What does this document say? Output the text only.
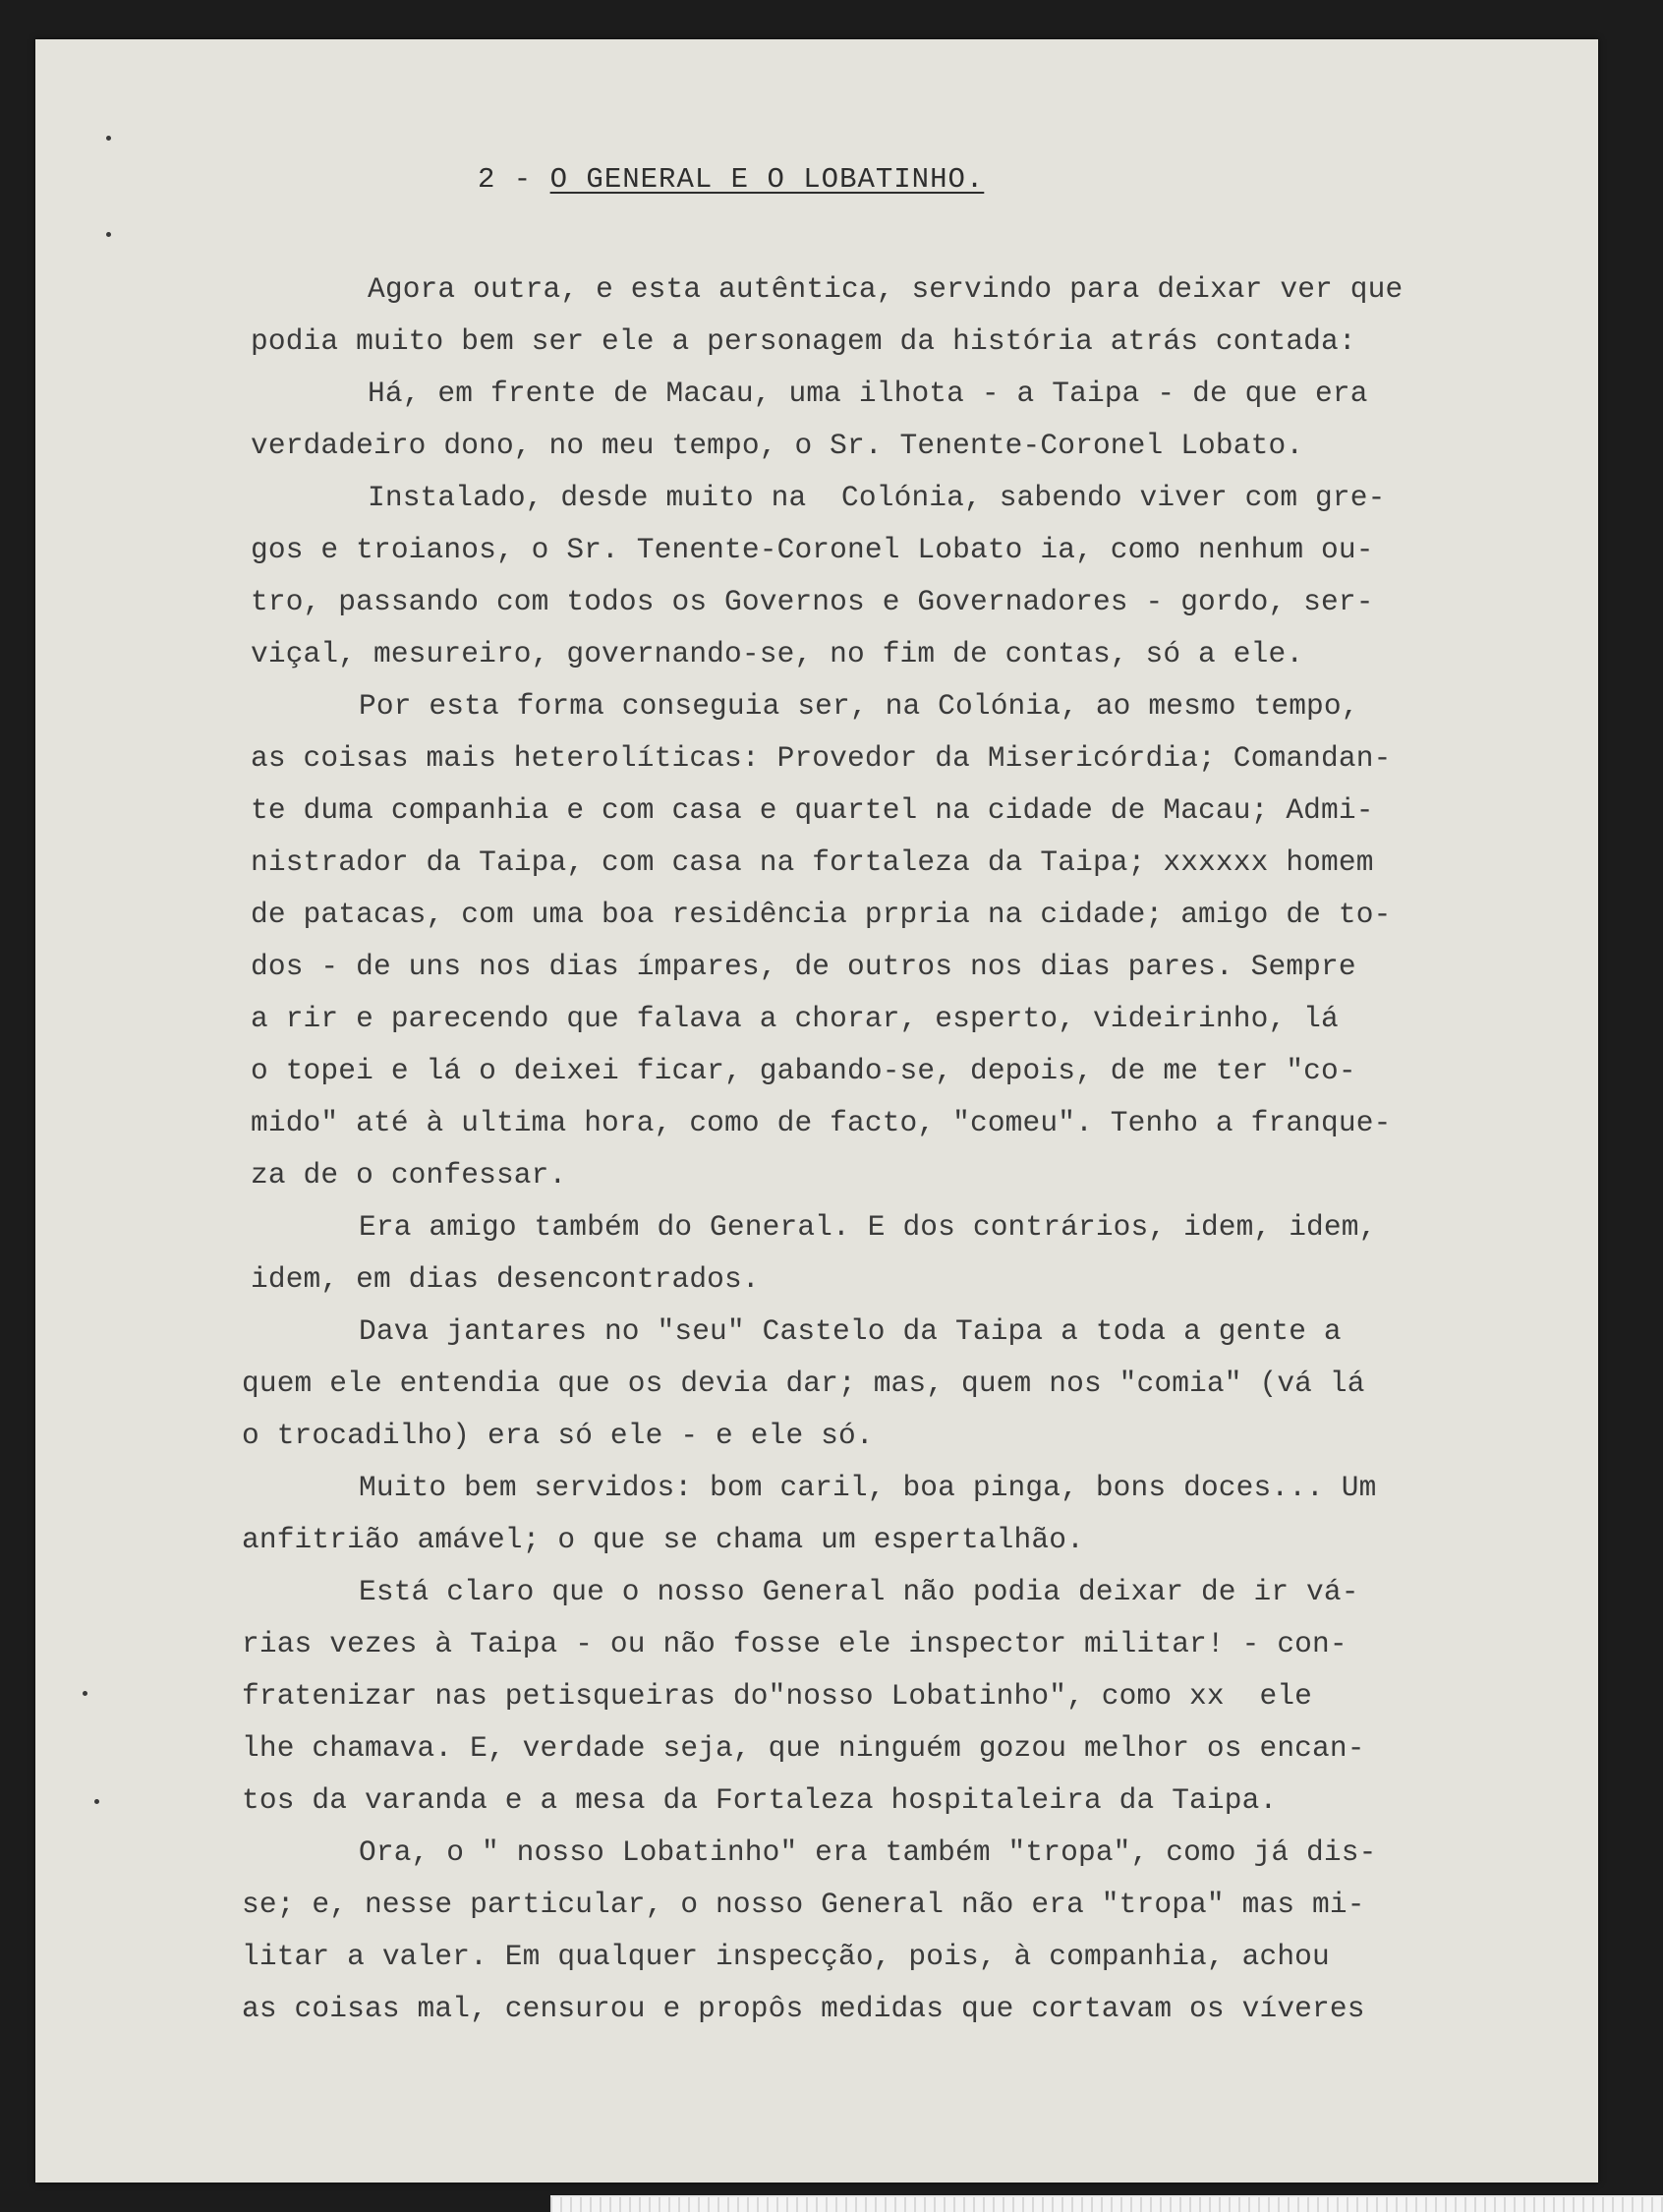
2 - O GENERAL E O LOBATINHO.
Agora outra, e esta autêntica, servindo para deixar ver que
podia muito bem ser ele a personagem da história atrás contada:
Há, em frente de Macau, uma ilhota - a Taipa - de que era
verdadeiro dono, no meu tempo, o Sr. Tenente-Coronel Lobato.
Instalado, desde muito na  Colónia, sabendo viver com gre-
gos e troianos, o Sr. Tenente-Coronel Lobato ia, como nenhum ou-
tro, passando com todos os Governos e Governadores - gordo, ser-
viçal, mesureiro, governando-se, no fim de contas, só a ele.
Por esta forma conseguia ser, na Colónia, ao mesmo tempo,
as coisas mais heterolíticas: Provedor da Misericórdia; Comandan-
te duma companhia e com casa e quartel na cidade de Macau; Admi-
nistrador da Taipa, com casa na fortaleza da Taipa; xxxxxx homem
de patacas, com uma boa residência prpria na cidade; amigo de to-
dos - de uns nos dias ímpares, de outros nos dias pares. Sempre
a rir e parecendo que falava a chorar, esperto, videirinho, lá
o topei e lá o deixei ficar, gabando-se, depois, de me ter "co-
mido" até à ultima hora, como de facto, "comeu". Tenho a franque-
za de o confessar.
Era amigo também do General. E dos contrários, idem, idem,
idem, em dias desencontrados.
Dava jantares no "seu" Castelo da Taipa a toda a gente a
quem ele entendia que os devia dar; mas, quem nos "comia" (vá lá
o trocadilho) era só ele - e ele só.
Muito bem servidos: bom caril, boa pinga, bons doces... Um
anfitrião amável; o que se chama um espertalhão.
Está claro que o nosso General não podia deixar de ir vá-
rias vezes à Taipa - ou não fosse ele inspector militar! - con-
fratenizar nas petisqueiras do"nosso Lobatinho", como xx  ele
lhe chamava. E, verdade seja, que ninguém gozou melhor os encan-
tos da varanda e a mesa da Fortaleza hospitaleira da Taipa.
Ora, o " nosso Lobatinho" era também "tropa", como já dis-
se; e, nesse particular, o nosso General não era "tropa" mas mi-
litar a valer. Em qualquer inspecção, pois, à companhia, achou
as coisas mal, censurou e propôs medidas que cortavam os víveres
